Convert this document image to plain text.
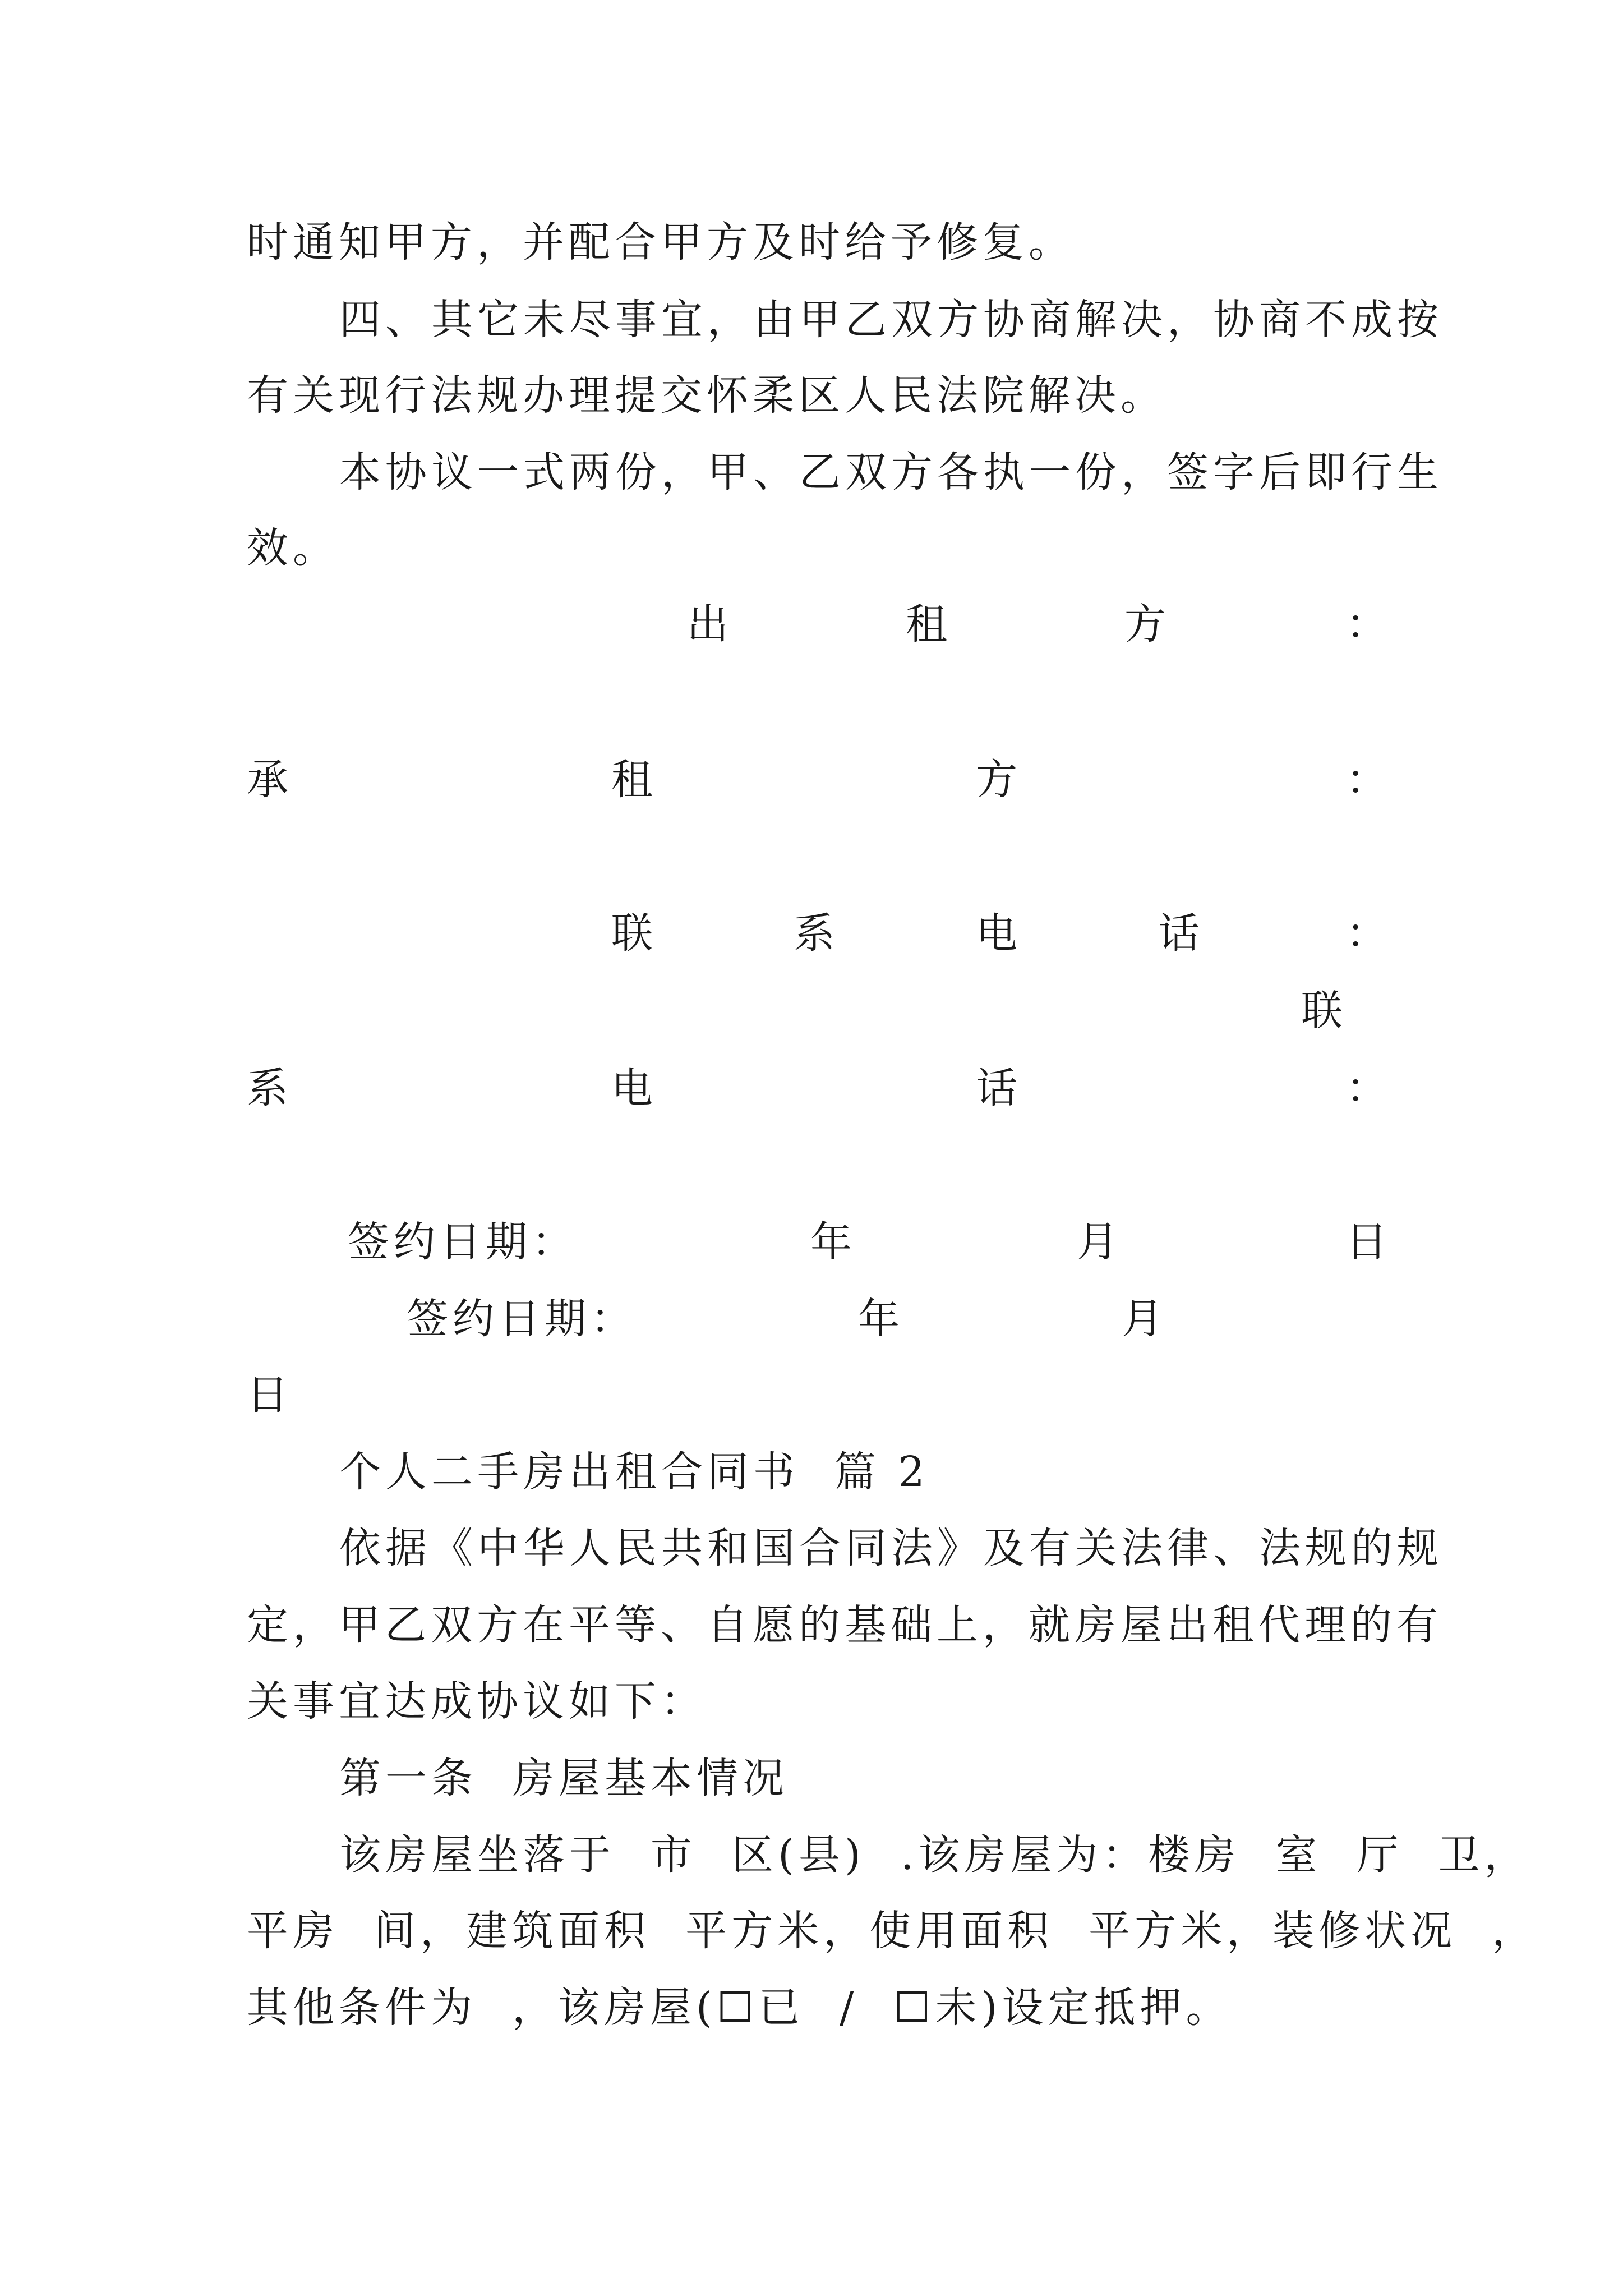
时通知甲方，并配合甲方及时给予修复。
四、其它未尽事宜，由甲乙双方协商解决，协商不成按
有关现行法规办理提交怀柔区人民法院解决。
本协议一式两份，甲、乙双方各执一份，签字后即行生
效。
出	租	方	：
承	租	方	：
联	系	电	话	：
联
系	电	话	：
签约日期：	年	月	日
签约日期：	年	月
日
个人二手房出租合同书  篇 2
依据《中华人民共和国合同法》及有关法律、法规的规
定，甲乙双方在平等、自愿的基础上，就房屋出租代理的有
关事宜达成协议如下：
第一条  房屋基本情况
该房屋坐落于  市  区(县)  .该房屋为：楼房  室  厅  卫，
平房  间，建筑面积  平方米，使用面积  平方米，装修状况  ，
其他条件为  ，该房屋(☐已  /  ☐未)设定抵押。
